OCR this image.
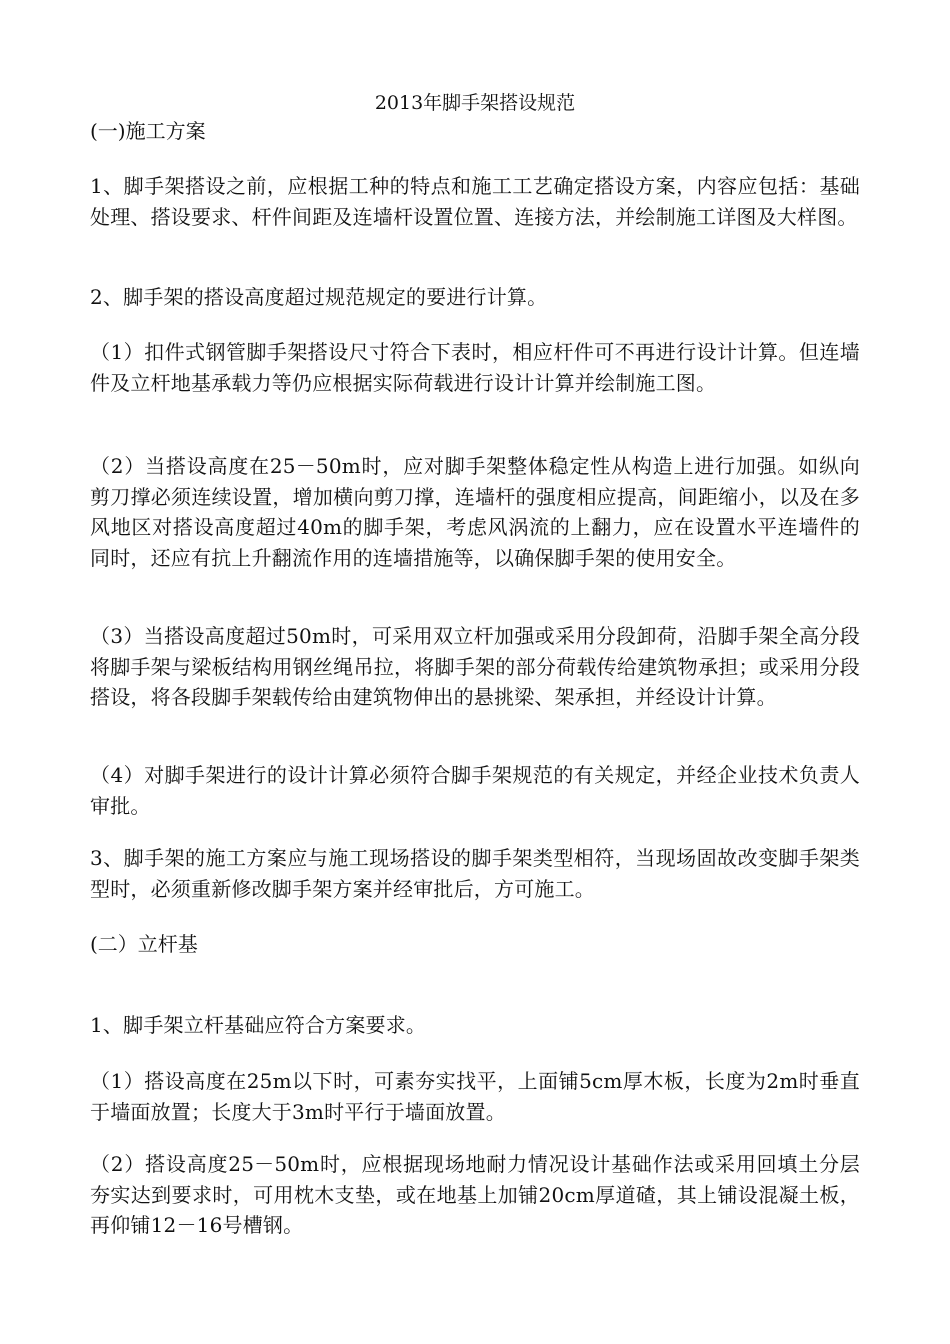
2013年脚手架搭设规范
(一)施工方案
1、脚手架搭设之前，应根据工种的特点和施工工艺确定搭设方案，内容应包括：基础处理、搭设要求、杆件间距及连墙杆设置位置、连接方法，并绘制施工详图及大样图。
2、脚手架的搭设高度超过规范规定的要进行计算。
（1）扣件式钢管脚手架搭设尺寸符合下表时，相应杆件可不再进行设计计算。但连墙件及立杆地基承载力等仍应根据实际荷载进行设计计算并绘制施工图。
（2）当搭设高度在25－50m时，应对脚手架整体稳定性从构造上进行加强。如纵向剪刀撑必须连续设置，增加横向剪刀撑，连墙杆的强度相应提高，间距缩小，以及在多风地区对搭设高度超过40m的脚手架，考虑风涡流的上翻力，应在设置水平连墙件的同时，还应有抗上升翻流作用的连墙措施等，以确保脚手架的使用安全。
（3）当搭设高度超过50m时，可采用双立杆加强或采用分段卸荷，沿脚手架全高分段将脚手架与梁板结构用钢丝绳吊拉，将脚手架的部分荷载传给建筑物承担；或采用分段搭设，将各段脚手架载传给由建筑物伸出的悬挑梁、架承担，并经设计计算。
（4）对脚手架进行的设计计算必须符合脚手架规范的有关规定，并经企业技术负责人审批。
3、脚手架的施工方案应与施工现场搭设的脚手架类型相符，当现场固故改变脚手架类型时，必须重新修改脚手架方案并经审批后，方可施工。
(二）立杆基
1、脚手架立杆基础应符合方案要求。
（1）搭设高度在25m以下时，可素夯实找平，上面铺5cm厚木板，长度为2m时垂直于墙面放置；长度大于3m时平行于墙面放置。
（2）搭设高度25－50m时，应根据现场地耐力情况设计基础作法或采用回填土分层夯实达到要求时，可用枕木支垫，或在地基上加铺20cm厚道碴，其上铺设混凝土板，再仰铺12－16号槽钢。
